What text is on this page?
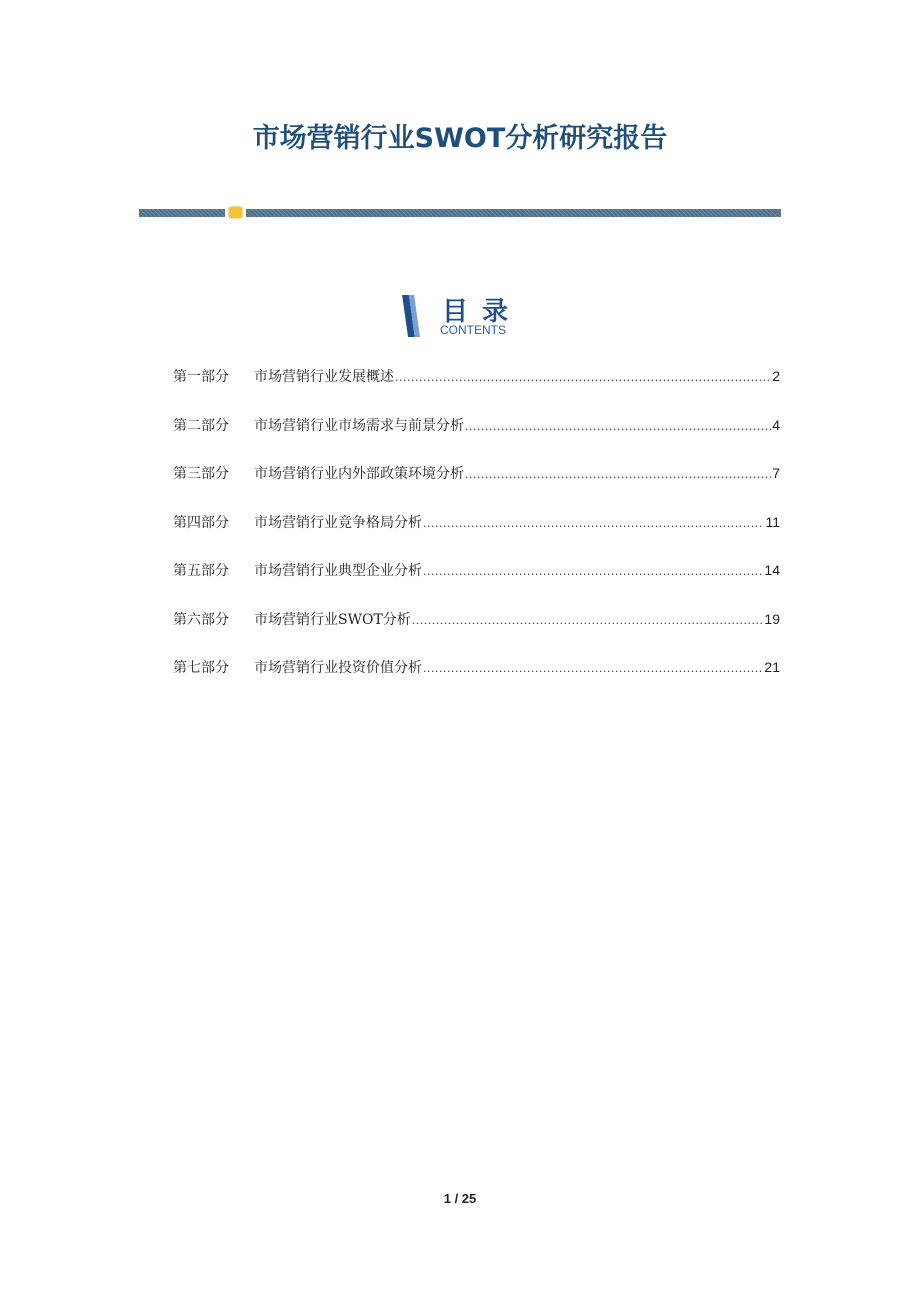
市场营销行业SWOT分析研究报告
目录
CONTENTS
第一部分	市场营销行业发展概述 .....	2
第二部分	市场营销行业市场需求与前景分析 .....	4
第三部分	市场营销行业内外部政策环境分析 .....	7
第四部分	市场营销行业竞争格局分析 .....	11
第五部分	市场营销行业典型企业分析 .....	14
第六部分	市场营销行业SWOT分析 .....	19
第七部分	市场营销行业投资价值分析 .....	21
1 / 25
